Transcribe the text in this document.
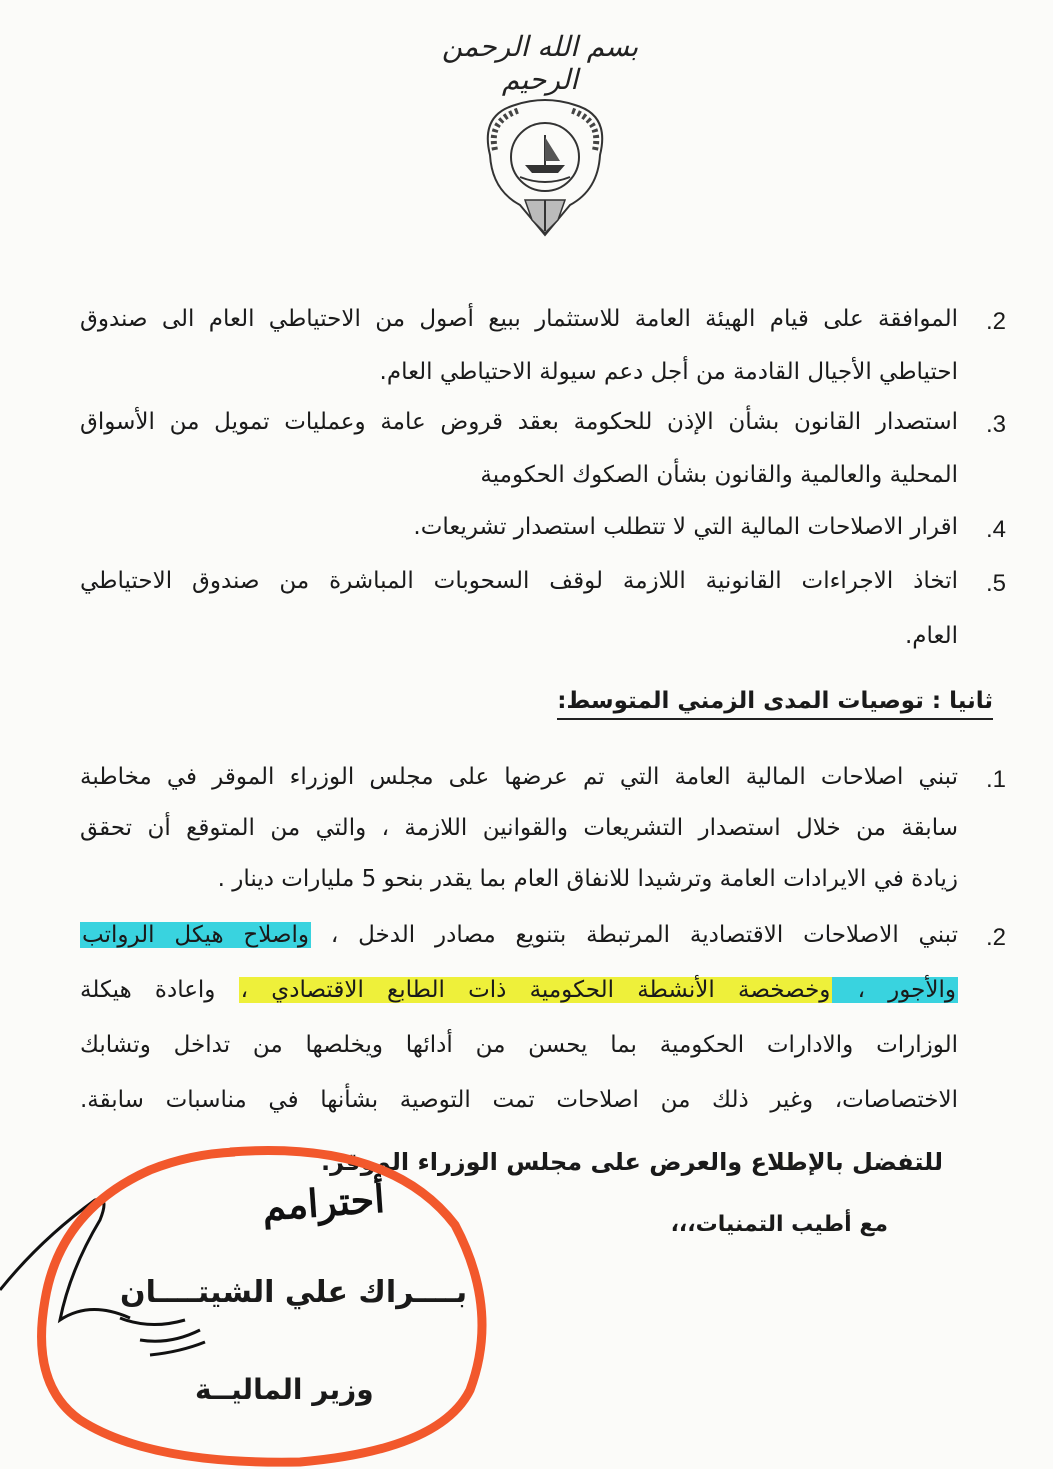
بسم الله الرحمن الرحيم
.2
الموافقة على قيام الهيئة العامة للاستثمار ببيع أصول من الاحتياطي العام الى صندوق
احتياطي الأجيال القادمة من أجل دعم سيولة الاحتياطي العام.
.3
استصدار القانون بشأن الإذن للحكومة بعقد قروض عامة وعمليات تمويل من الأسواق
المحلية والعالمية والقانون بشأن الصكوك الحكومية
.4
اقرار الاصلاحات المالية التي لا تتطلب استصدار تشريعات.
.5
اتخاذ الاجراءات القانونية اللازمة لوقف السحوبات المباشرة من صندوق الاحتياطي
العام.
ثانيا : توصيات المدى الزمني المتوسط:
.1
تبني اصلاحات المالية العامة التي تم عرضها على مجلس الوزراء الموقر في مخاطبة
سابقة من خلال استصدار التشريعات والقوانين اللازمة ، والتي من المتوقع أن تحقق
زيادة في الايرادات العامة وترشيدا للانفاق العام بما يقدر بنحو 5 مليارات دينار .
.2
تبني الاصلاحات الاقتصادية المرتبطة بتنويع مصادر الدخل ، واصلاح هيكل الرواتب
والأجور ، وخصخصة الأنشطة الحكومية ذات الطابع الاقتصادي ، واعادة هيكلة
الوزارات والادارات الحكومية بما يحسن من أدائها ويخلصها من تداخل وتشابك
الاختصاصات، وغير ذلك من اصلاحات تمت التوصية بشأنها في مناسبات سابقة.
للتفضل بالإطلاع والعرض على مجلس الوزراء الموقر.
مع أطيب التمنيات،،،
أحترامم
بــــراك علي الشيتــــان
وزير الماليــة
